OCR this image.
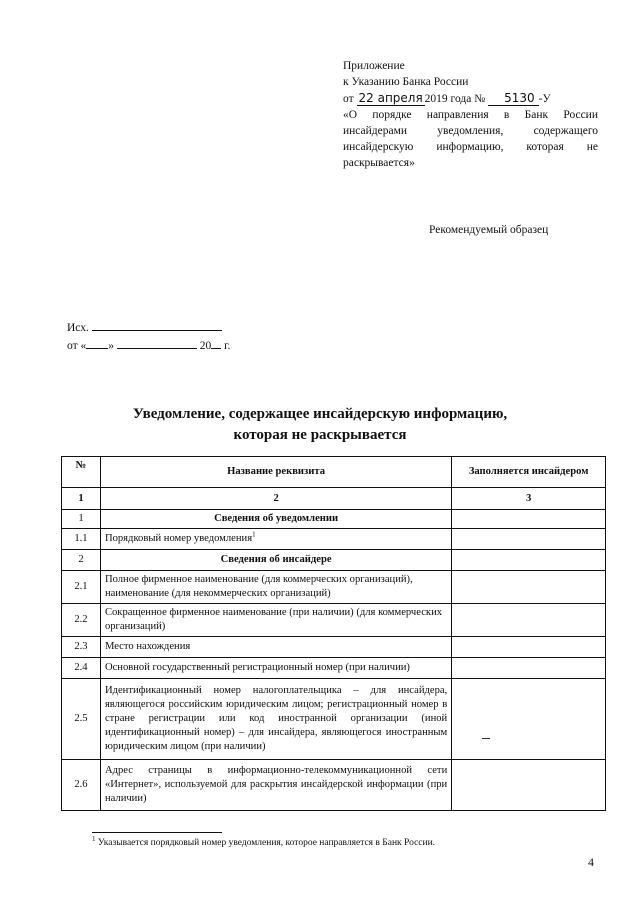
Приложение
к Указанию Банка России
от 22 апреля 2019 года № 5130 -У
«О порядке направления в Банк России инсайдерами уведомления, содержащего инсайдерскую информацию, которая не раскрывается»
Рекомендуемый образец
Исх.
от « »	20 г.
Уведомление, содержащее инсайдерскую информацию,
которая не раскрывается
№	Название реквизита	Заполняется инсайдером
1	2	3
1	Сведения об уведомлении	
1.1	Порядковый номер уведомления$^1$	
2	Сведения об инсайдере	
2.1	Полное фирменное наименование (для коммерческих организаций), наименование (для некоммерческих организаций)	
2.2	Сокращенное фирменное наименование (при наличии) (для коммерческих организаций)	
2.3	Место нахождения	
2.4	Основной государственный регистрационный номер (при наличии)	
2.5	Идентификационный номер налогоплательщика – для инсайдера, являющегося российским юридическим лицом; регистрационный номер в стране регистрации или код иностранной организации (иной идентификационный номер) – для инсайдера, являющегося иностранным юридическим лицом (при наличии)	
2.6	Адрес страницы в информационно-телекоммуникационной сети «Интернет», используемой для раскрытия инсайдерской информации (при наличии)	
$^1$ Указывается порядковый номер уведомления, которое направляется в Банк России.
4
